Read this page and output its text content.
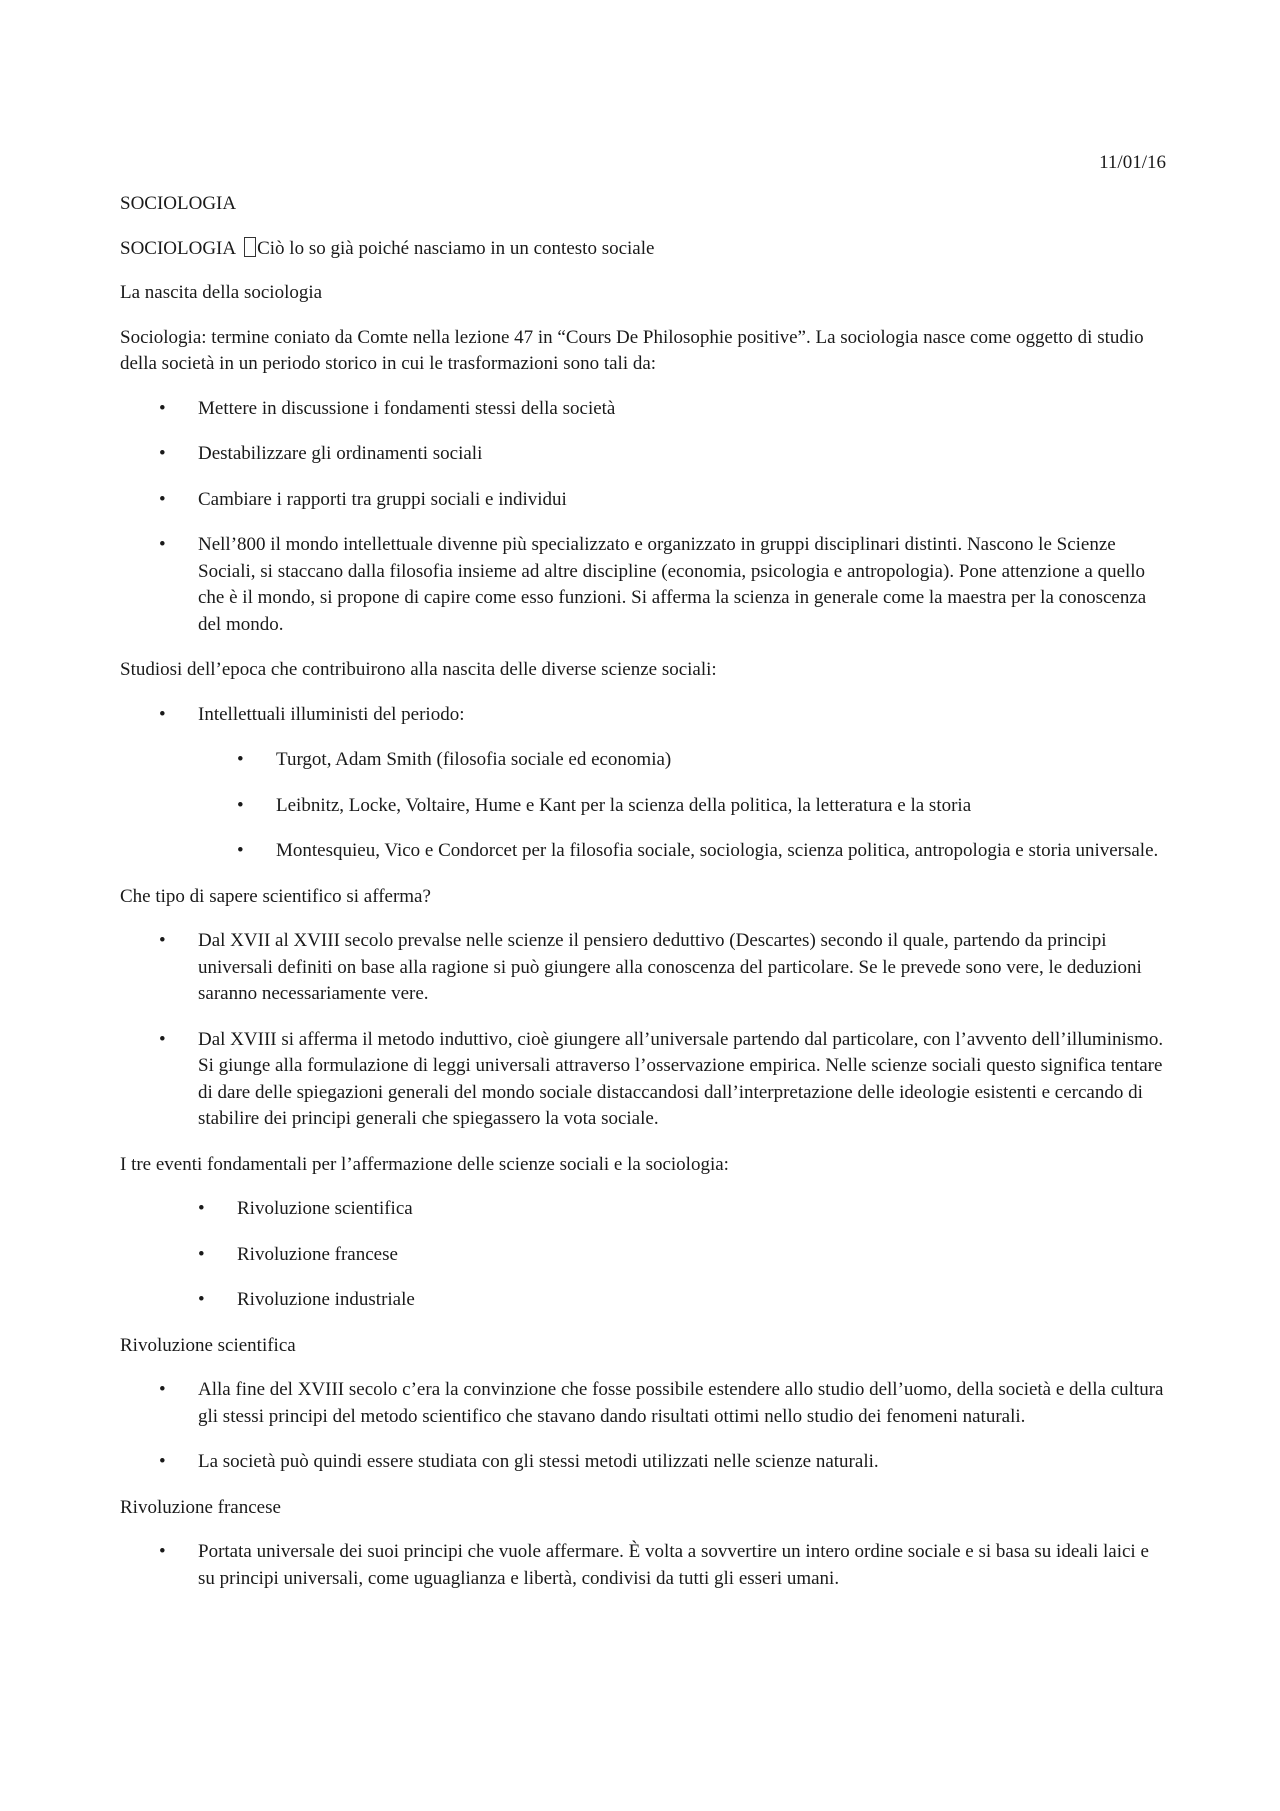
11/01/16

SOCIOLOGIA

SOCIOLOGIA Ciò lo so già poiché nasciamo in un contesto sociale

La nascita della sociologia

Sociologia: termine coniato da Comte nella lezione 47 in “Cours De Philosophie positive”. La sociologia nasce come oggetto di studio della società in un periodo storico in cui le trasformazioni sono tali da:

• Mettere in discussione i fondamenti stessi della società
• Destabilizzare gli ordinamenti sociali
• Cambiare i rapporti tra gruppi sociali e individui
• Nell’800 il mondo intellettuale divenne più specializzato e organizzato in gruppi disciplinari distinti. Nascono le Scienze Sociali, si staccano dalla filosofia insieme ad altre discipline (economia, psicologia e antropologia). Pone attenzione a quello che è il mondo, si propone di capire come esso funzioni. Si afferma la scienza in generale come la maestra per la conoscenza del mondo.

Studiosi dell’epoca che contribuirono alla nascita delle diverse scienze sociali:

• Intellettuali illuministi del periodo:
• Turgot, Adam Smith (filosofia sociale ed economia)
• Leibnitz, Locke, Voltaire, Hume e Kant per la scienza della politica, la letteratura e la storia
• Montesquieu, Vico e Condorcet per la filosofia sociale, sociologia, scienza politica, antropologia e storia universale.

Che tipo di sapere scientifico si afferma?

• Dal XVII al XVIII secolo prevalse nelle scienze il pensiero deduttivo (Descartes) secondo il quale, partendo da principi universali definiti on base alla ragione si può giungere alla conoscenza del particolare. Se le prevede sono vere, le deduzioni saranno necessariamente vere.
• Dal XVIII si afferma il metodo induttivo, cioè giungere all’universale partendo dal particolare, con l’avvento dell’illuminismo. Si giunge alla formulazione di leggi universali attraverso l’osservazione empirica. Nelle scienze sociali questo significa tentare di dare delle spiegazioni generali del mondo sociale distaccandosi dall’interpretazione delle ideologie esistenti e cercando di stabilire dei principi generali che spiegassero la vota sociale.

I tre eventi fondamentali per l’affermazione delle scienze sociali e la sociologia:

• Rivoluzione scientifica
• Rivoluzione francese
• Rivoluzione industriale

Rivoluzione scientifica

• Alla fine del XVIII secolo c’era la convinzione che fosse possibile estendere allo studio dell’uomo, della società e della cultura gli stessi principi del metodo scientifico che stavano dando risultati ottimi nello studio dei fenomeni naturali.
• La società può quindi essere studiata con gli stessi metodi utilizzati nelle scienze naturali.

Rivoluzione francese

• Portata universale dei suoi principi che vuole affermare. È volta a sovvertire un intero ordine sociale e si basa su ideali laici e su principi universali, come uguaglianza e libertà, condivisi da tutti gli esseri umani.
